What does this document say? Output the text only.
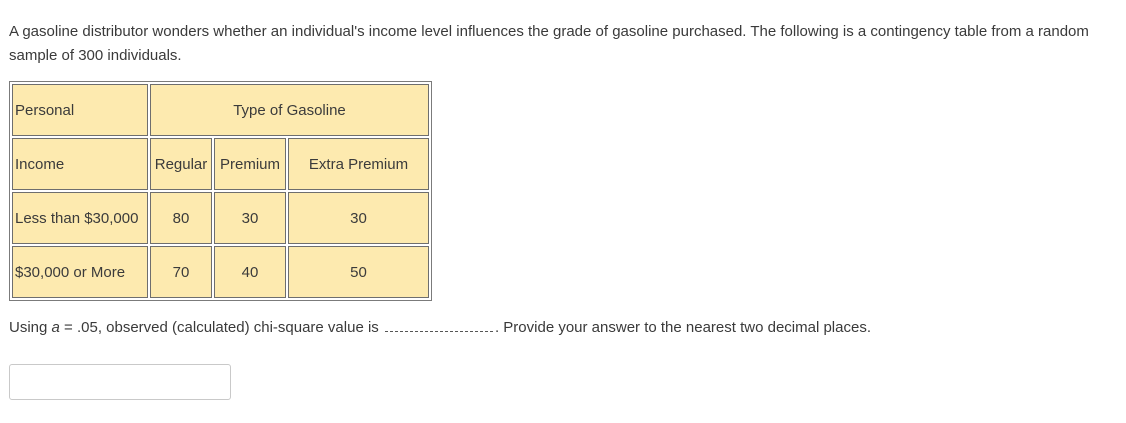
A gasoline distributor wonders whether an individual's income level influences the grade of gasoline purchased. The following is a contingency table from a random sample of 300 individuals.

Personal	Type of Gasoline		
Income	Regular	Premium	Extra Premium
Less than $30,000	80	30	30
$30,000 or More	70	40	50
Using a = .05, observed (calculated) chi-square value is	. Provide your answer to the nearest two decimal places.
